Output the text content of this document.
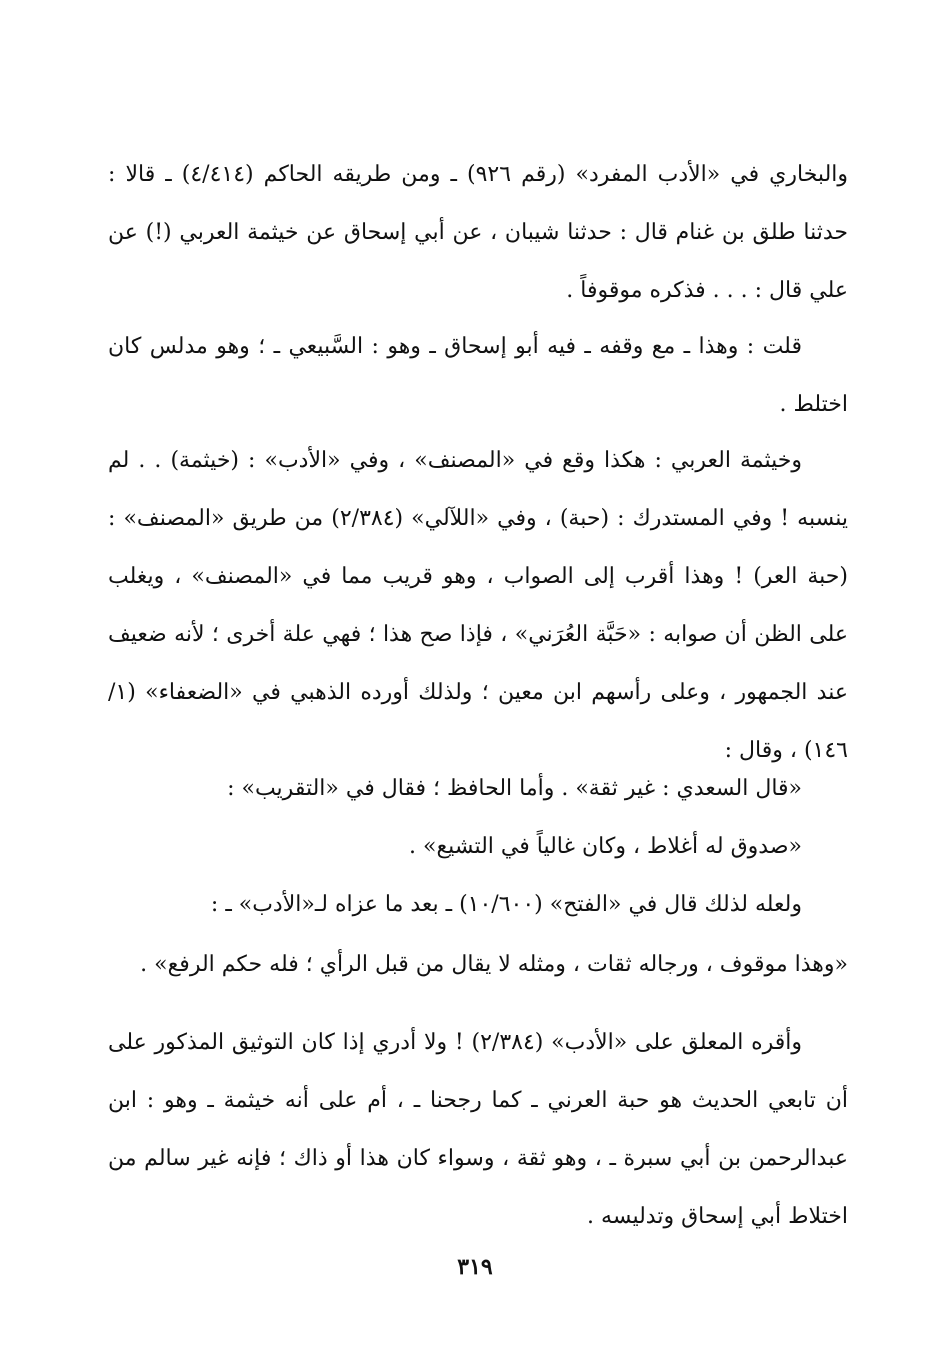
والبخاري في «الأدب المفرد» (رقم ٩٢٦) ـ ومن طريقه الحاكم (٤/٤١٤) ـ قالا : حدثنا طلق بن غنام قال : حدثنا شيبان ، عن أبي إسحاق عن خيثمة العربي (!) عن علي قال : . . . فذكره موقوفاً .

قلت : وهذا ـ مع وقفه ـ فيه أبو إسحاق ـ وهو : السَّبيعي ـ ؛ وهو مدلس كان اختلط .

وخيثمة العربي : هكذا وقع في «المصنف» ، وفي «الأدب» : (خيثمة) . . لم ينسبه ! وفي المستدرك : (حبة) ، وفي «اللآلي» (٢/٣٨٤) من طريق «المصنف» : (حبة العر) ! وهذا أقرب إلى الصواب ، وهو قريب مما في «المصنف» ، ويغلب على الظن أن صوابه : «حَبَّة العُرَني» ، فإذا صح هذا ؛ فهي علة أخرى ؛ لأنه ضعيف عند الجمهور ، وعلى رأسهم ابن معين ؛ ولذلك أورده الذهبي في «الضعفاء» (١/ ١٤٦) ، وقال :

«قال السعدي : غير ثقة» . وأما الحافظ ؛ فقال في «التقريب» :

«صدوق له أغلاط ، وكان غالياً في التشيع» .

ولعله لذلك قال في «الفتح» (١٠/٦٠٠) ـ بعد ما عزاه لـ«الأدب» ـ :

«وهذا موقوف ، ورجاله ثقات ، ومثله لا يقال من قبل الرأي ؛ فله حكم الرفع» .

وأقره المعلق على «الأدب» (٢/٣٨٤) ! ولا أدري إذا كان التوثيق المذكور على أن تابعي الحديث هو حبة العرني ـ كما رجحنا ـ ، أم على أنه خيثمة ـ وهو : ابن عبدالرحمن بن أبي سبرة ـ ، وهو ثقة ، وسواء كان هذا أو ذاك ؛ فإنه غير سالم من اختلاط أبي إسحاق وتدليسه .

٣١٩
